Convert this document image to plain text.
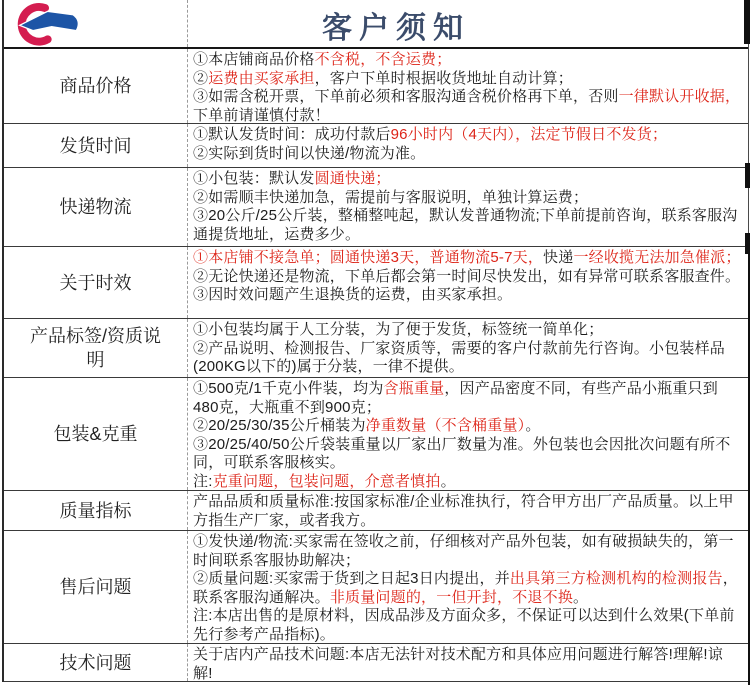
客户须知
商品价格
①本店铺商品价格不含税，不含运费；
②运费由买家承担，客户下单时根据收货地址自动计算；
③如需含税开票，下单前必须和客服沟通含税价格再下单，否则一律默认开收据，下单前请谨慎付款！
发货时间
①默认发货时间：成功付款后96小时内（4天内），法定节假日不发货；
②实际到货时间以快递/物流为准。
快递物流
①小包装：默认发圆通快递；
②如需顺丰快递加急，需提前与客服说明，单独计算运费；
③20公斤/25公斤装，整桶整吨起，默认发普通物流;下单前提前咨询，联系客服沟通提货地址，运费多少。
关于时效
①本店铺不接急单；圆通快递3天，普通物流5-7天，快递一经收揽无法加急催派；
②无论快递还是物流，下单后都会第一时间尽快发出，如有异常可联系客服查件。
③因时效问题产生退换货的运费，由买家承担。
产品标签/资质说明
①小包装均属于人工分装，为了便于发货，标签统一简单化；
②产品说明、检测报告、厂家资质等，需要的客户付款前先行咨询。小包装样品(200KG以下的)属于分装，一律不提供。
包装&克重
①500克/1千克小件装，均为含瓶重量，因产品密度不同，有些产品小瓶重只到480克，大瓶重不到900克；
②20/25/30/35公斤桶装为净重数量（不含桶重量）。
③20/25/40/50公斤袋装重量以厂家出厂数量为准。外包装也会因批次问题有所不同，可联系客服核实。
注:克重问题，包装问题，介意者慎拍。
质量指标	产品品质和质量标准:按国家标准/企业标准执行，符合甲方出厂产品质量。以上甲方指生产厂家，或者我方。
售后问题
①发快递/物流:买家需在签收之前，仔细核对产品外包装，如有破损缺失的，第一时间联系客服协助解决；
②质量问题:买家需于货到之日起3日内提出，并出具第三方检测机构的检测报告，联系客服沟通解决。非质量问题的，一但开封，不退不换。
注:本店出售的是原材料，因成品涉及方面众多，不保证可以达到什么效果(下单前先行参考产品指标)。
技术问题	关于店内产品技术问题:本店无法针对技术配方和具体应用问题进行解答!理解!谅解!
